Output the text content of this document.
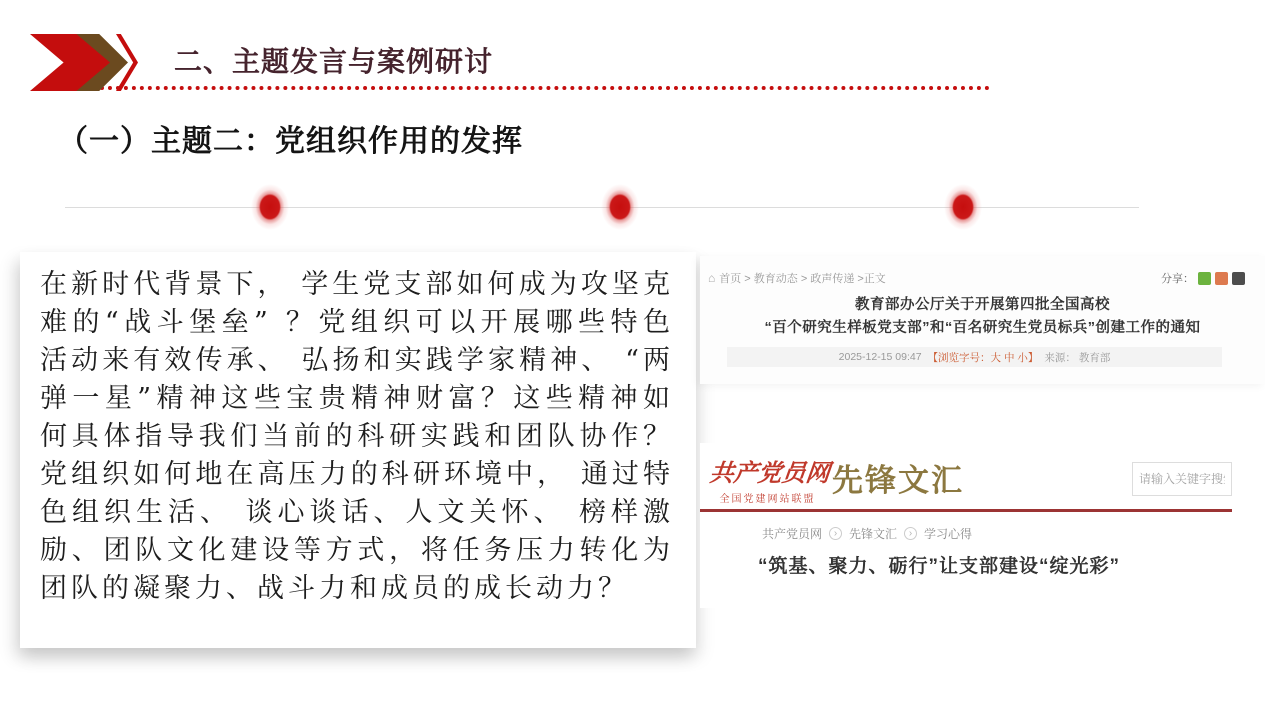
二、主题发言与案例研讨
（一）主题二：党组织作用的发挥

在新时代背景下， 学生党支部如何成为攻坚克难的“战斗堡垒” ？党组织可以开展哪些特色活动来有效传承、 弘扬和实践学家精神、 “两弹一星”精神这些宝贵精神财富？这些精神如何具体指导我们当前的科研实践和团队协作？党组织如何地在高压力的科研环境中， 通过特色组织生活、 谈心谈话、人文关怀、 榜样激励、团队文化建设等方式，将任务压力转化为团队的凝聚力、战斗力和成员的成长动力？

⌂ 首页 > 教育动态 > 政声传递 >正文	分享：
教育部办公厅关于开展第四批全国高校
“百个研究生样板党支部”和“百名研究生党员标兵”创建工作的通知
2025-12-15 09:47 【浏览字号：大 中 小】 来源： 教育部
共产党员网
全国党建网站联盟
先锋文汇
请输入关键字搜索相关稿
共产党员网	› 先锋文汇	› 学习心得
“筑基、聚力、砺行”让支部建设“绽光彩”
